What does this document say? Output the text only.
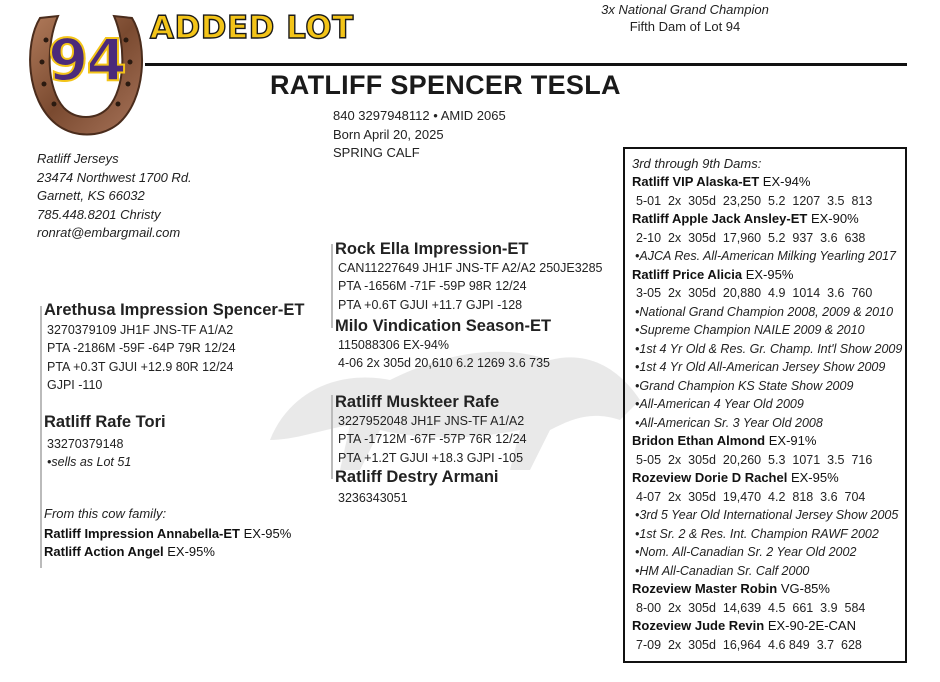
94 ADDED LOT
3x National Grand Champion
Fifth Dam of Lot 94
RATLIFF SPENCER TESLA
840 3297948112 • AMID 2065
Born April 20, 2025
SPRING CALF
Ratliff Jerseys
23474 Northwest 1700 Rd.
Garnett, KS 66032
785.448.8201 Christy
ronrat@embargmail.com
Arethusa Impression Spencer-ET
3270379109 JH1F JNS-TF A1/A2
PTA -2186M -59F -64P 79R 12/24
PTA +0.3T GJUI +12.9 80R 12/24
GJPI -110
Ratliff Rafe Tori
33270379148
•sells as Lot 51
Rock Ella Impression-ET
CAN11227649 JH1F JNS-TF A2/A2 250JE3285
PTA -1656M -71F -59P 98R 12/24
PTA +0.6T GJUI +11.7 GJPI -128
Milo Vindication Season-ET
115088306 EX-94%
4-06 2x 305d 20,610 6.2 1269 3.6 735
Ratliff Muskteer Rafe
3227952048 JH1F JNS-TF A1/A2
PTA -1712M -67F -57P 76R 12/24
PTA +1.2T GJUI +18.3 GJPI -105
Ratliff Destry Armani
3236343051
From this cow family:
Ratliff Impression Annabella-ET EX-95%
Ratliff Action Angel EX-95%
3rd through 9th Dams:
Ratliff VIP Alaska-ET EX-94%
5-01  2x  305d  23,250  5.2  1207  3.5  813
Ratliff Apple Jack Ansley-ET EX-90%
2-10  2x  305d  17,960  5.2  937  3.6  638
•AJCA Res. All-American Milking Yearling 2017
Ratliff Price Alicia EX-95%
3-05  2x  305d  20,880  4.9  1014  3.6  760
•National Grand Champion 2008, 2009 & 2010
•Supreme Champion NAILE 2009 & 2010
•1st 4 Yr Old & Res. Gr. Champ. Int'l Show 2009
•1st 4 Yr Old All-American Jersey Show 2009
•Grand Champion KS State Show 2009
•All-American 4 Year Old 2009
•All-American Sr. 3 Year Old 2008
Bridon Ethan Almond EX-91%
5-05  2x  305d  20,260  5.3  1071  3.5  716
Rozeview Dorie D Rachel EX-95%
4-07  2x  305d  19,470  4.2  818  3.6  704
•3rd 5 Year Old International Jersey Show 2005
•1st Sr. 2 & Res. Int. Champion RAWF 2002
•Nom. All-Canadian Sr. 2 Year Old 2002
•HM All-Canadian Sr. Calf 2000
Rozeview Master Robin VG-85%
8-00  2x  305d  14,639  4.5  661  3.9  584
Rozeview Jude Revin EX-90-2E-CAN
7-09  2x  305d  16,964  4.6 849  3.7  628
